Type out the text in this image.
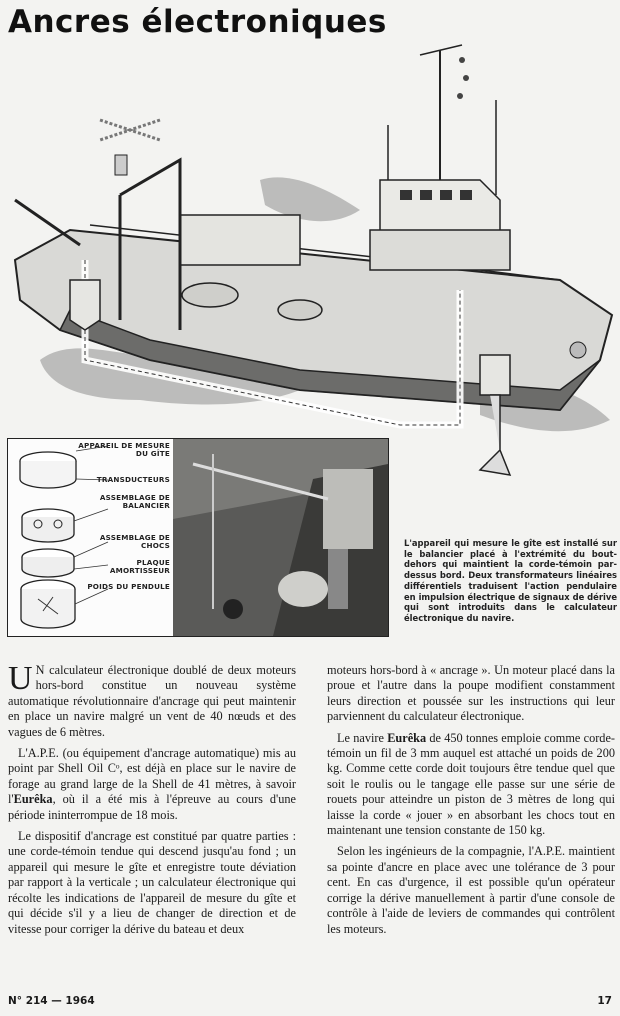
Ancres électroniques
APPAREIL DE MESURE DU GÎTE
TRANSDUCTEURS
ASSEMBLAGE DE BALANCIER
ASSEMBLAGE DE CHOCS
PLAQUE AMORTISSEUR
POIDS DU PENDULE
L'appareil qui mesure le gîte est installé sur le balancier placé à l'extrémité du bout-dehors qui maintient la corde-témoin par-dessus bord. Deux transformateurs linéaires différentiels traduisent l'action pendulaire en impulsion électrique de signaux de dérive qui sont introduits dans le calculateur électronique du navire.

U N calculateur électronique doublé de deux moteurs hors-bord constitue un nouveau système automatique révolutionnaire d'ancrage qui peut maintenir en place un navire malgré un vent de 40 nœuds et des vagues de 6 mètres.

L'A.P.E. (ou équipement d'ancrage automatique) mis au point par Shell Oil Cᵒ, est déjà en place sur le navire de forage au grand large de la Shell de 41 mètres, à savoir l'Eurêka, où il a été mis à l'épreuve au cours d'une période ininterrompue de 18 mois.

Le dispositif d'ancrage est constitué par quatre parties : une corde-témoin tendue qui descend jusqu'au fond ; un appareil qui mesure le gîte et enregistre toute déviation par rapport à la verticale ; un calculateur électronique qui récolte les indications de l'appareil de mesure du gîte et qui décide s'il y a lieu de changer de direction et de vitesse pour corriger la dérive du bateau et deux

moteurs hors-bord à « ancrage ». Un moteur placé dans la proue et l'autre dans la poupe modifient constamment leurs direction et poussée sur les instructions qui leur parviennent du calculateur électronique.

Le navire Eurêka de 450 tonnes emploie comme corde-témoin un fil de 3 mm auquel est attaché un poids de 200 kg. Comme cette corde doit toujours être tendue quel que soit le roulis ou le tangage elle passe sur une série de rouets pour atteindre un piston de 3 mètres de long qui laisse la corde « jouer » en absorbant les chocs tout en maintenant une tension constante de 150 kg.

Selon les ingénieurs de la compagnie, l'A.P.E. maintient sa pointe d'ancre en place avec une tolérance de 3 pour cent. En cas d'urgence, il est possible qu'un opérateur corrige la dérive manuellement à partir d'une console de contrôle à l'aide de leviers de commandes qui contrôlent les moteurs.

N° 214 — 1964	17
